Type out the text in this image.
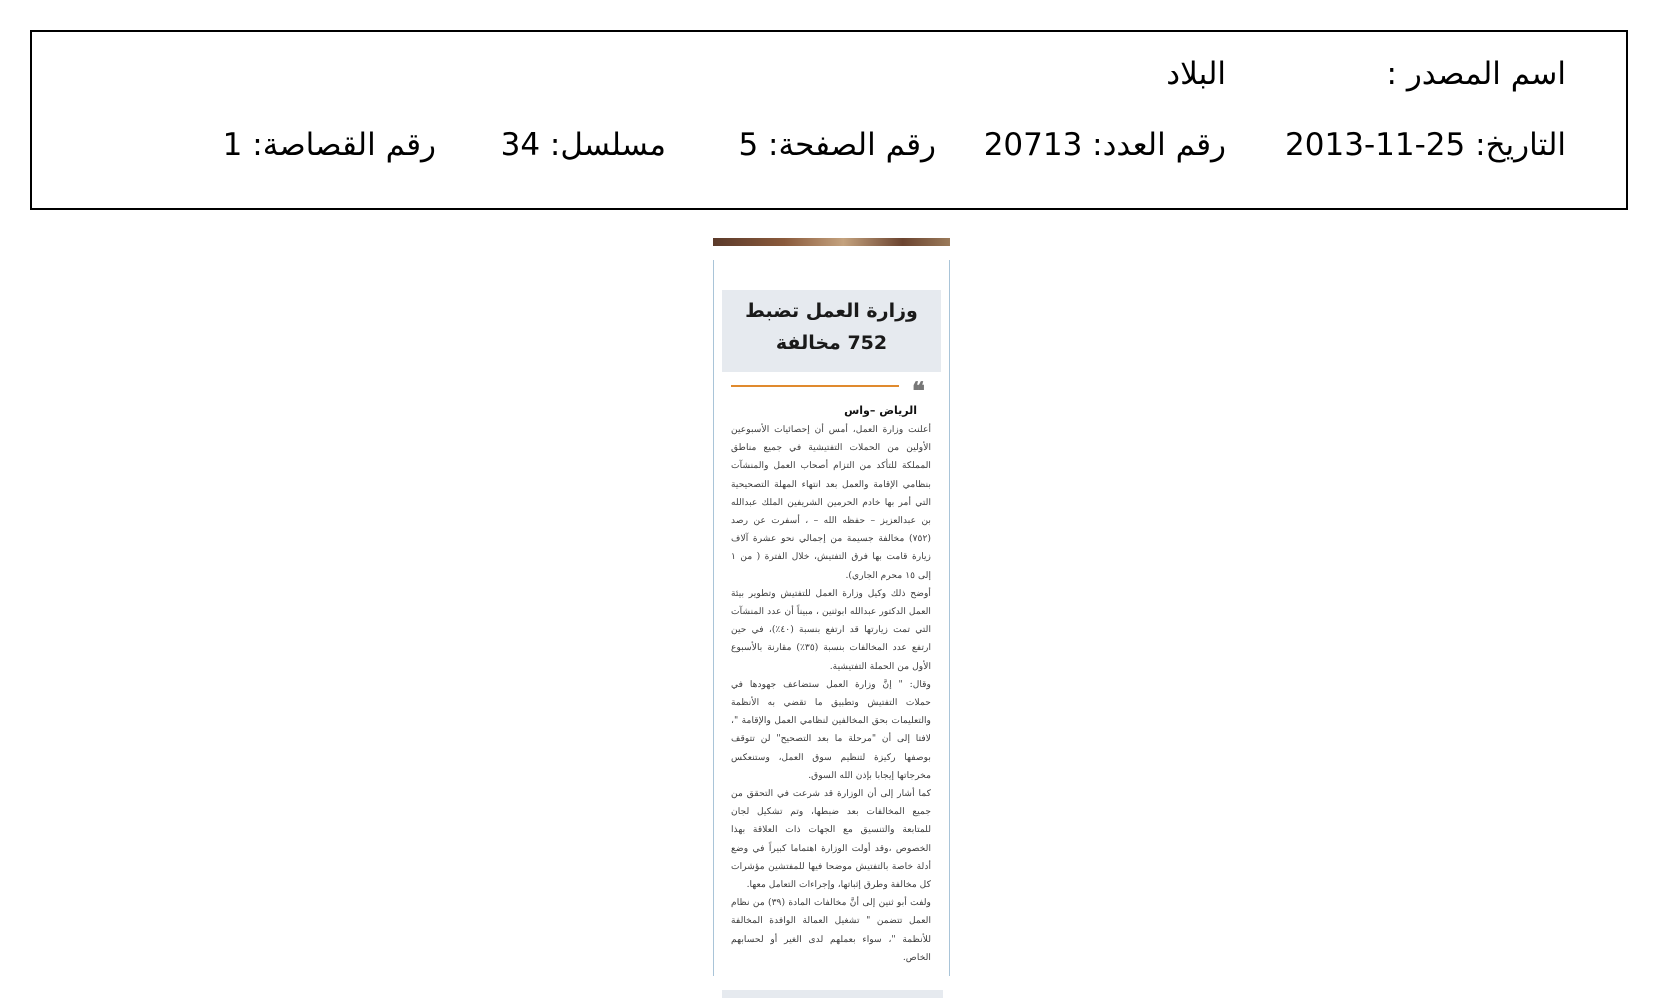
اسم المصدر :
البلاد
التاريخ: 25-11-2013
رقم العدد: 20713
رقم الصفحة: 5
مسلسل: 34
رقم القصاصة: 1
وزارة العمل تضبط
752 مخالفة
❝
الرياض –واس

أعلنت وزارة العمل، أمس أن إحصائيات الأسبوعين الأولين من الحملات التفتيشية في جميع مناطق المملكة للتأكد من التزام أصحاب العمل والمنشآت بنظامي الإقامة والعمل بعد انتهاء المهلة التصحيحية التي أمر بها خادم الحرمين الشريفين الملك عبدالله بن عبدالعزيز – حفظه الله – ، أسفرت عن رصد (٧٥٢) مخالفة جسيمة من إجمالي نحو عشرة آلاف زيارة قامت بها فرق التفتيش، خلال الفترة ( من ١ إلى ١٥ محرم الجاري).

أوضح ذلك وكيل وزارة العمل للتفتيش وتطوير بيئة العمل الدكتور عبدالله ابوثنين ، مبيناً أن عدد المنشآت التي تمت زيارتها قد ارتفع بنسبة (٤٠٪)، في حين ارتفع عدد المخالفات بنسبة (٣٥٪) مقارنة بالأسبوع الأول من الحملة التفتيشية.

وقال: " إنَّ وزارة العمل ستضاعف جهودها في حملات التفتيش وتطبيق ما تقضي به الأنظمة والتعليمات بحق المخالفين لنظامي العمل والإقامة "، لافتا إلى أن "مرحلة ما بعد التصحيح" لن تتوقف بوصفها ركيزة لتنظيم سوق العمل، وستنعكس مخرجاتها إيجابا بإذن الله السوق.

كما أشار إلى أن الوزارة قد شرعت في التحقق من جميع المخالفات بعد ضبطها، وتم تشكيل لجان للمتابعة والتنسيق مع الجهات ذات العلاقة بهذا الخصوص ،وقد أولت الوزارة اهتماما كبيراً في وضع أدلة خاصة بالتفتيش موضحا فيها للمفتشين مؤشرات كل مخالفة وطرق إثباتها، وإجراءات التعامل معها.

ولفت أبو ثنين إلى أنَّ مخالفات المادة (٣٩) من نظام العمل تتضمن " تشغيل العمالة الوافدة المخالفة للأنظمة "، سواء بعملهم لدى الغير أو لحسابهم الخاص.
